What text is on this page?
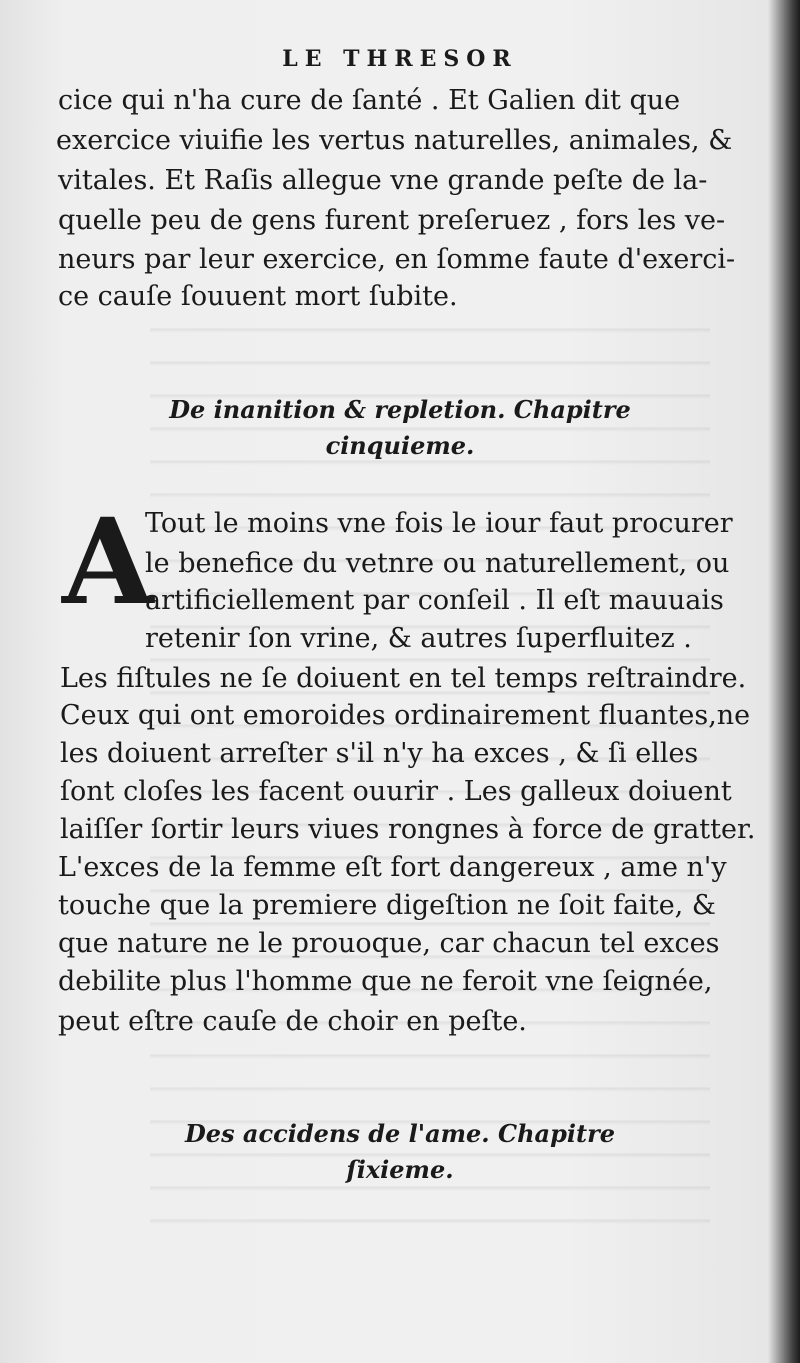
LE THRESOR
cice qui n'ha cure de ſanté . Et Galien dit que
exercice viuifie les vertus naturelles, animales, &
vitales. Et Raſis allegue vne grande peſte de la-
quelle peu de gens furent preſeruez , fors les ve-
neurs par leur exercice, en ſomme faute d'exerci-
ce cauſe ſouuent mort ſubite.
De inanition & repletion. Chapitre
cinquieme.
A
Tout le moins vne fois le iour faut procurer
le benefice du vetnre ou naturellement, ou
artificiellement par conſeil . Il eſt mauuais
retenir ſon vrine, & autres ſuperfluitez .
Les fiſtules ne ſe doiuent en tel temps reſtraindre.
Ceux qui ont emoroides ordinairement fluantes,ne
les doiuent arreſter s'il n'y ha exces , & ſi elles
ſont cloſes les facent ouurir . Les galleux doiuent
laiſſer ſortir leurs viues rongnes à force de gratter.
L'exces de la femme eſt fort dangereux , ame n'y
touche que la premiere digeſtion ne ſoit faite, &
que nature ne le prouoque, car chacun tel exces
debilite plus l'homme que ne feroit vne ſeignée,
peut eſtre cauſe de choir en peſte.
Des accidens de l'ame. Chapitre
ſixieme.
